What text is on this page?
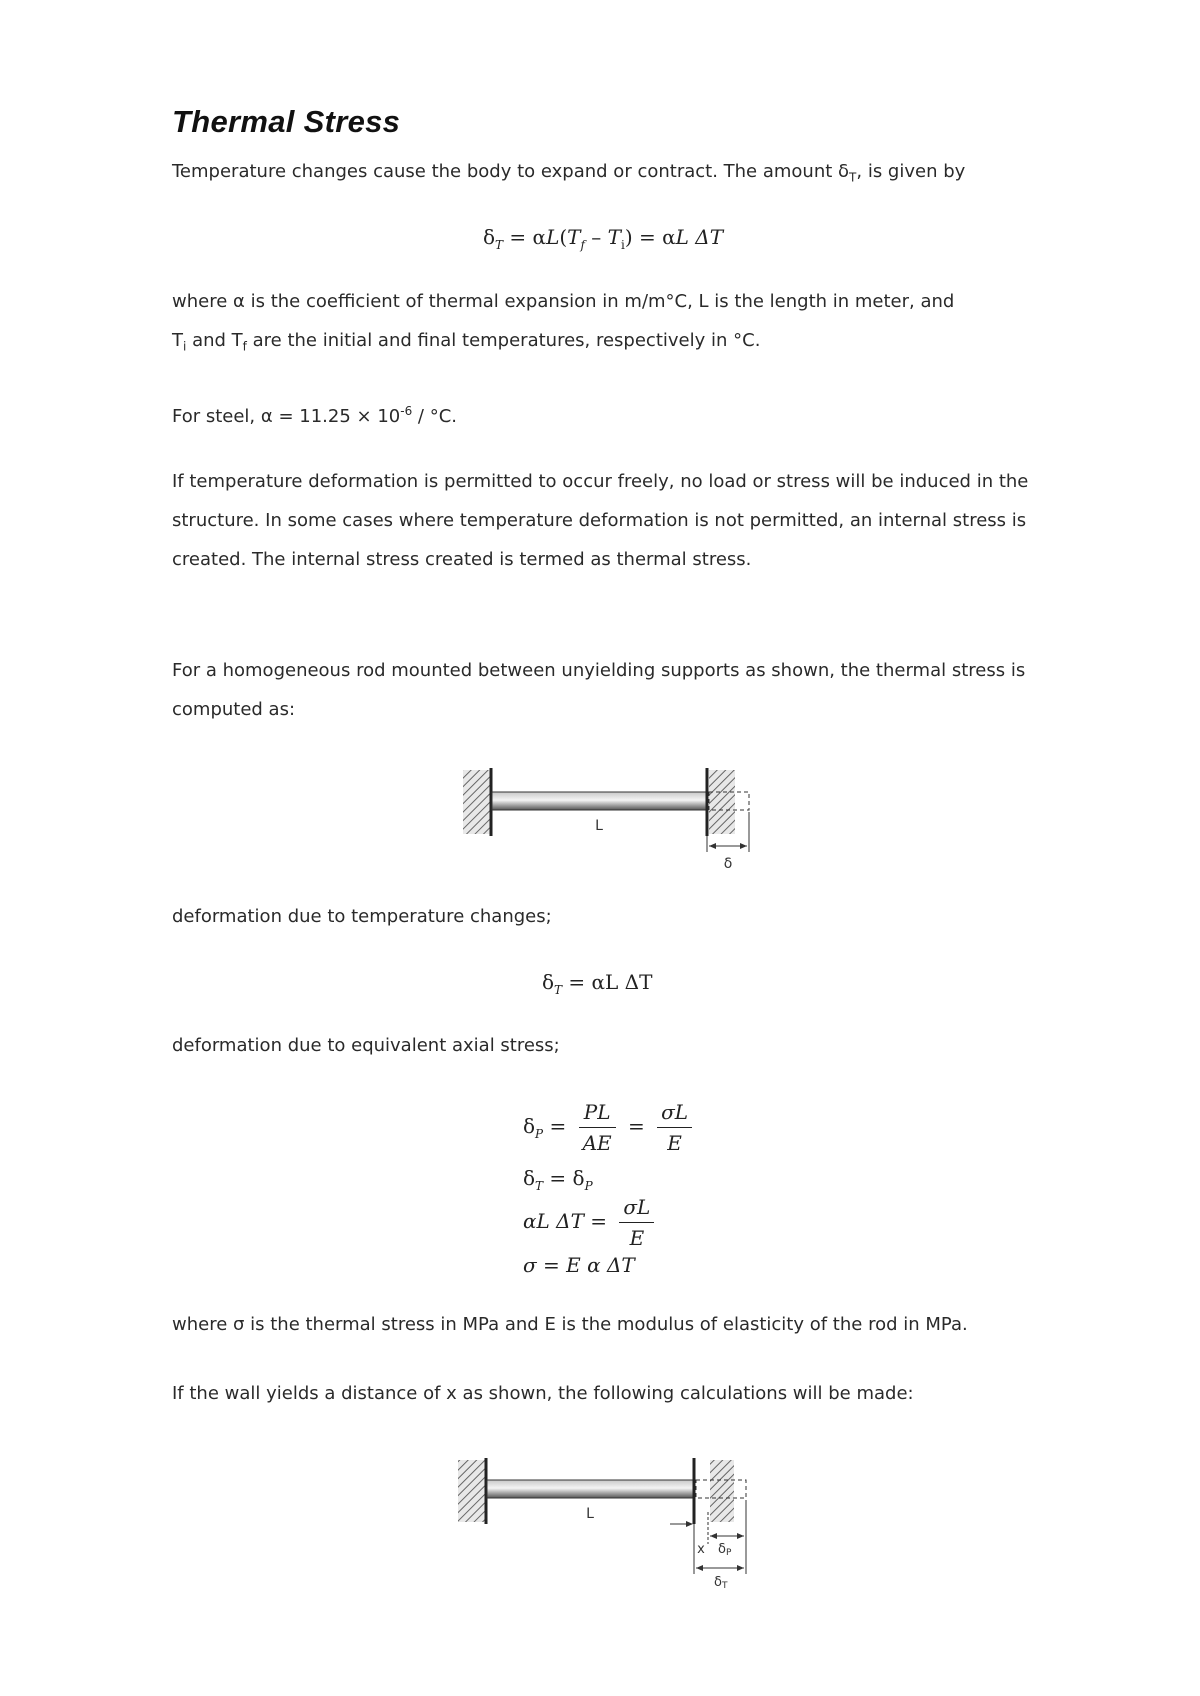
Thermal Stress

Temperature changes cause the body to expand or contract. The amount $\delta_T$, is given by

$\delta_T = \alpha L(T_f - T_i) = \alpha L$ ΔT

where α is the coefficient of thermal expansion in m/m°C, L is the length in meter, and
$T_i$ and $T_f$ are the initial and final temperatures, respectively in °C.

For steel, $\alpha = 11.25 \times 10^{-6} / ^\circ C$.

If temperature deformation is permitted to occur freely, no load or stress will be induced in the structure. In some cases where temperature deformation is not permitted, an internal stress is created. The internal stress created is termed as thermal stress.

For a homogeneous rod mounted between unyielding supports as shown, the thermal stress is computed as:

L
δ

deformation due to temperature changes;

$\delta_T = \alpha L$ ΔT

deformation due to equivalent axial stress;

$\delta_P = \frac{PL}{AE} = \frac{\sigma L}{E}$
$\delta_T = \delta_P$
αL $\Delta T = \frac{\sigma L}{E}$
σ = E α ΔT

where σ is the thermal stress in MPa and E is the modulus of elasticity of the rod in MPa.

If the wall yields a distance of x as shown, the following calculations will be made:

L
x δP
δT
